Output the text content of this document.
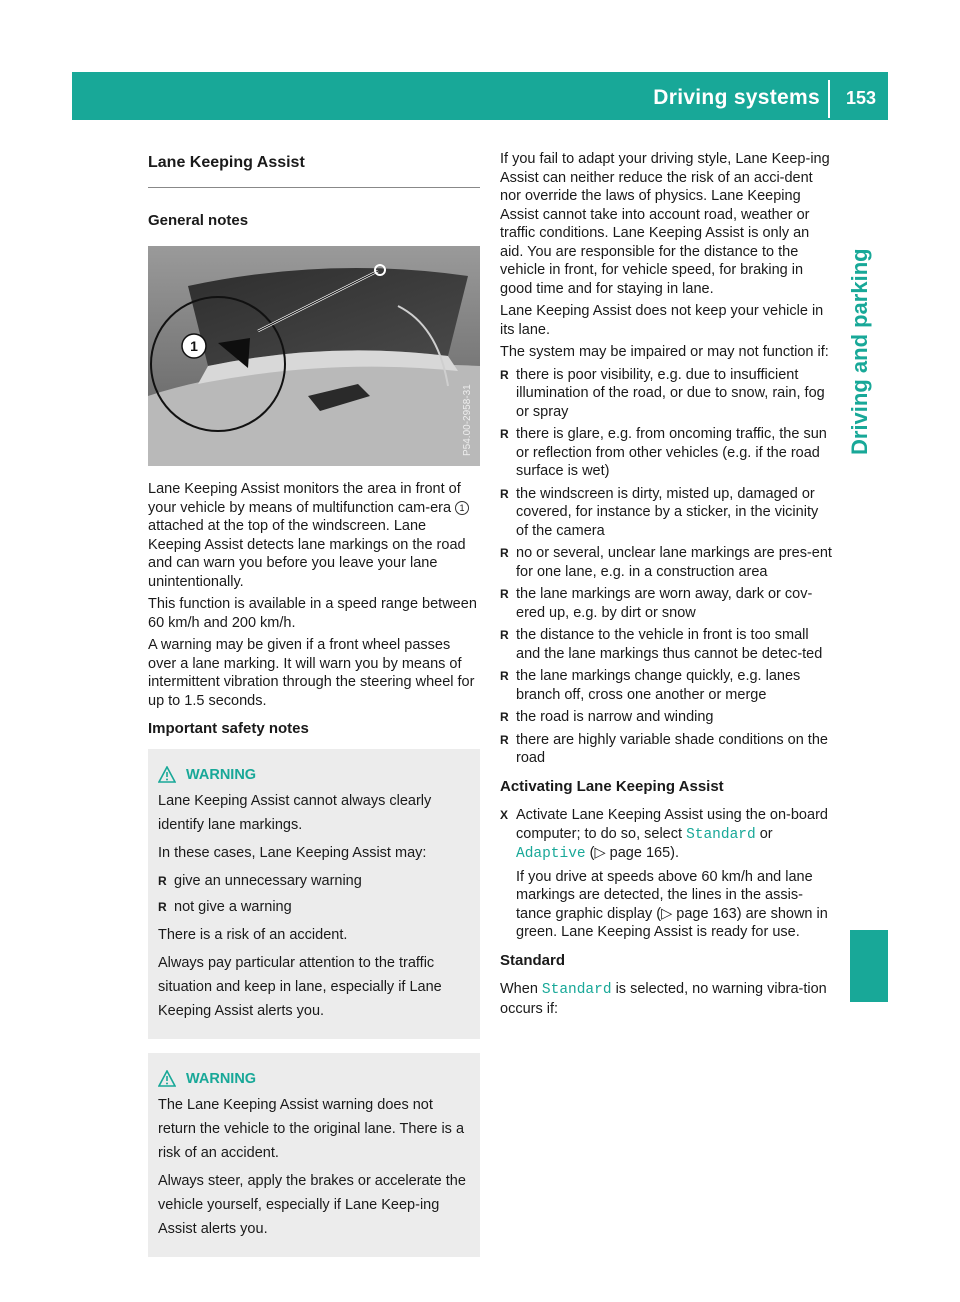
Driving systems 153
Driving and parking
Lane Keeping Assist
General notes
1
P54.00-2958-31

Lane Keeping Assist monitors the area in front of your vehicle by means of multifunction cam-era 1 attached at the top of the windscreen. Lane Keeping Assist detects lane markings on the road and can warn you before you leave your lane unintentionally.

This function is available in a speed range between 60 km/h and 200 km/h.

A warning may be given if a front wheel passes over a lane marking. It will warn you by means of intermittent vibration through the steering wheel for up to 1.5 seconds.

Important safety notes
WARNING

Lane Keeping Assist cannot always clearly identify lane markings.

In these cases, Lane Keeping Assist may:

R give an unnecessary warning
R not give a warning

There is a risk of an accident.

Always pay particular attention to the traffic situation and keep in lane, especially if Lane Keeping Assist alerts you.

WARNING

The Lane Keeping Assist warning does not return the vehicle to the original lane. There is a risk of an accident.

Always steer, apply the brakes or accelerate the vehicle yourself, especially if Lane Keep-ing Assist alerts you.

If you fail to adapt your driving style, Lane Keep-ing Assist can neither reduce the risk of an acci-dent nor override the laws of physics. Lane Keeping Assist cannot take into account road, weather or traffic conditions. Lane Keeping Assist is only an aid. You are responsible for the distance to the vehicle in front, for vehicle speed, for braking in good time and for staying in lane.

Lane Keeping Assist does not keep your vehicle in its lane.

The system may be impaired or may not function if:

R there is poor visibility, e.g. due to insufficient illumination of the road, or due to snow, rain, fog or spray
R there is glare, e.g. from oncoming traffic, the sun or reflection from other vehicles (e.g. if the road surface is wet)
R the windscreen is dirty, misted up, damaged or covered, for instance by a sticker, in the vicinity of the camera
R no or several, unclear lane markings are pres-ent for one lane, e.g. in a construction area
R the lane markings are worn away, dark or cov-ered up, e.g. by dirt or snow
R the distance to the vehicle in front is too small and the lane markings thus cannot be detec-ted
R the lane markings change quickly, e.g. lanes branch off, cross one another or merge
R the road is narrow and winding
R there are highly variable shade conditions on the road
Activating Lane Keeping Assist
X Activate Lane Keeping Assist using the on-board computer; to do so, select Standard or Adaptive (▷ page 165).

If you drive at speeds above 60 km/h and lane markings are detected, the lines in the assis-tance graphic display (▷ page 163) are shown in green. Lane Keeping Assist is ready for use.

Standard

When Standard is selected, no warning vibra-tion occurs if:
